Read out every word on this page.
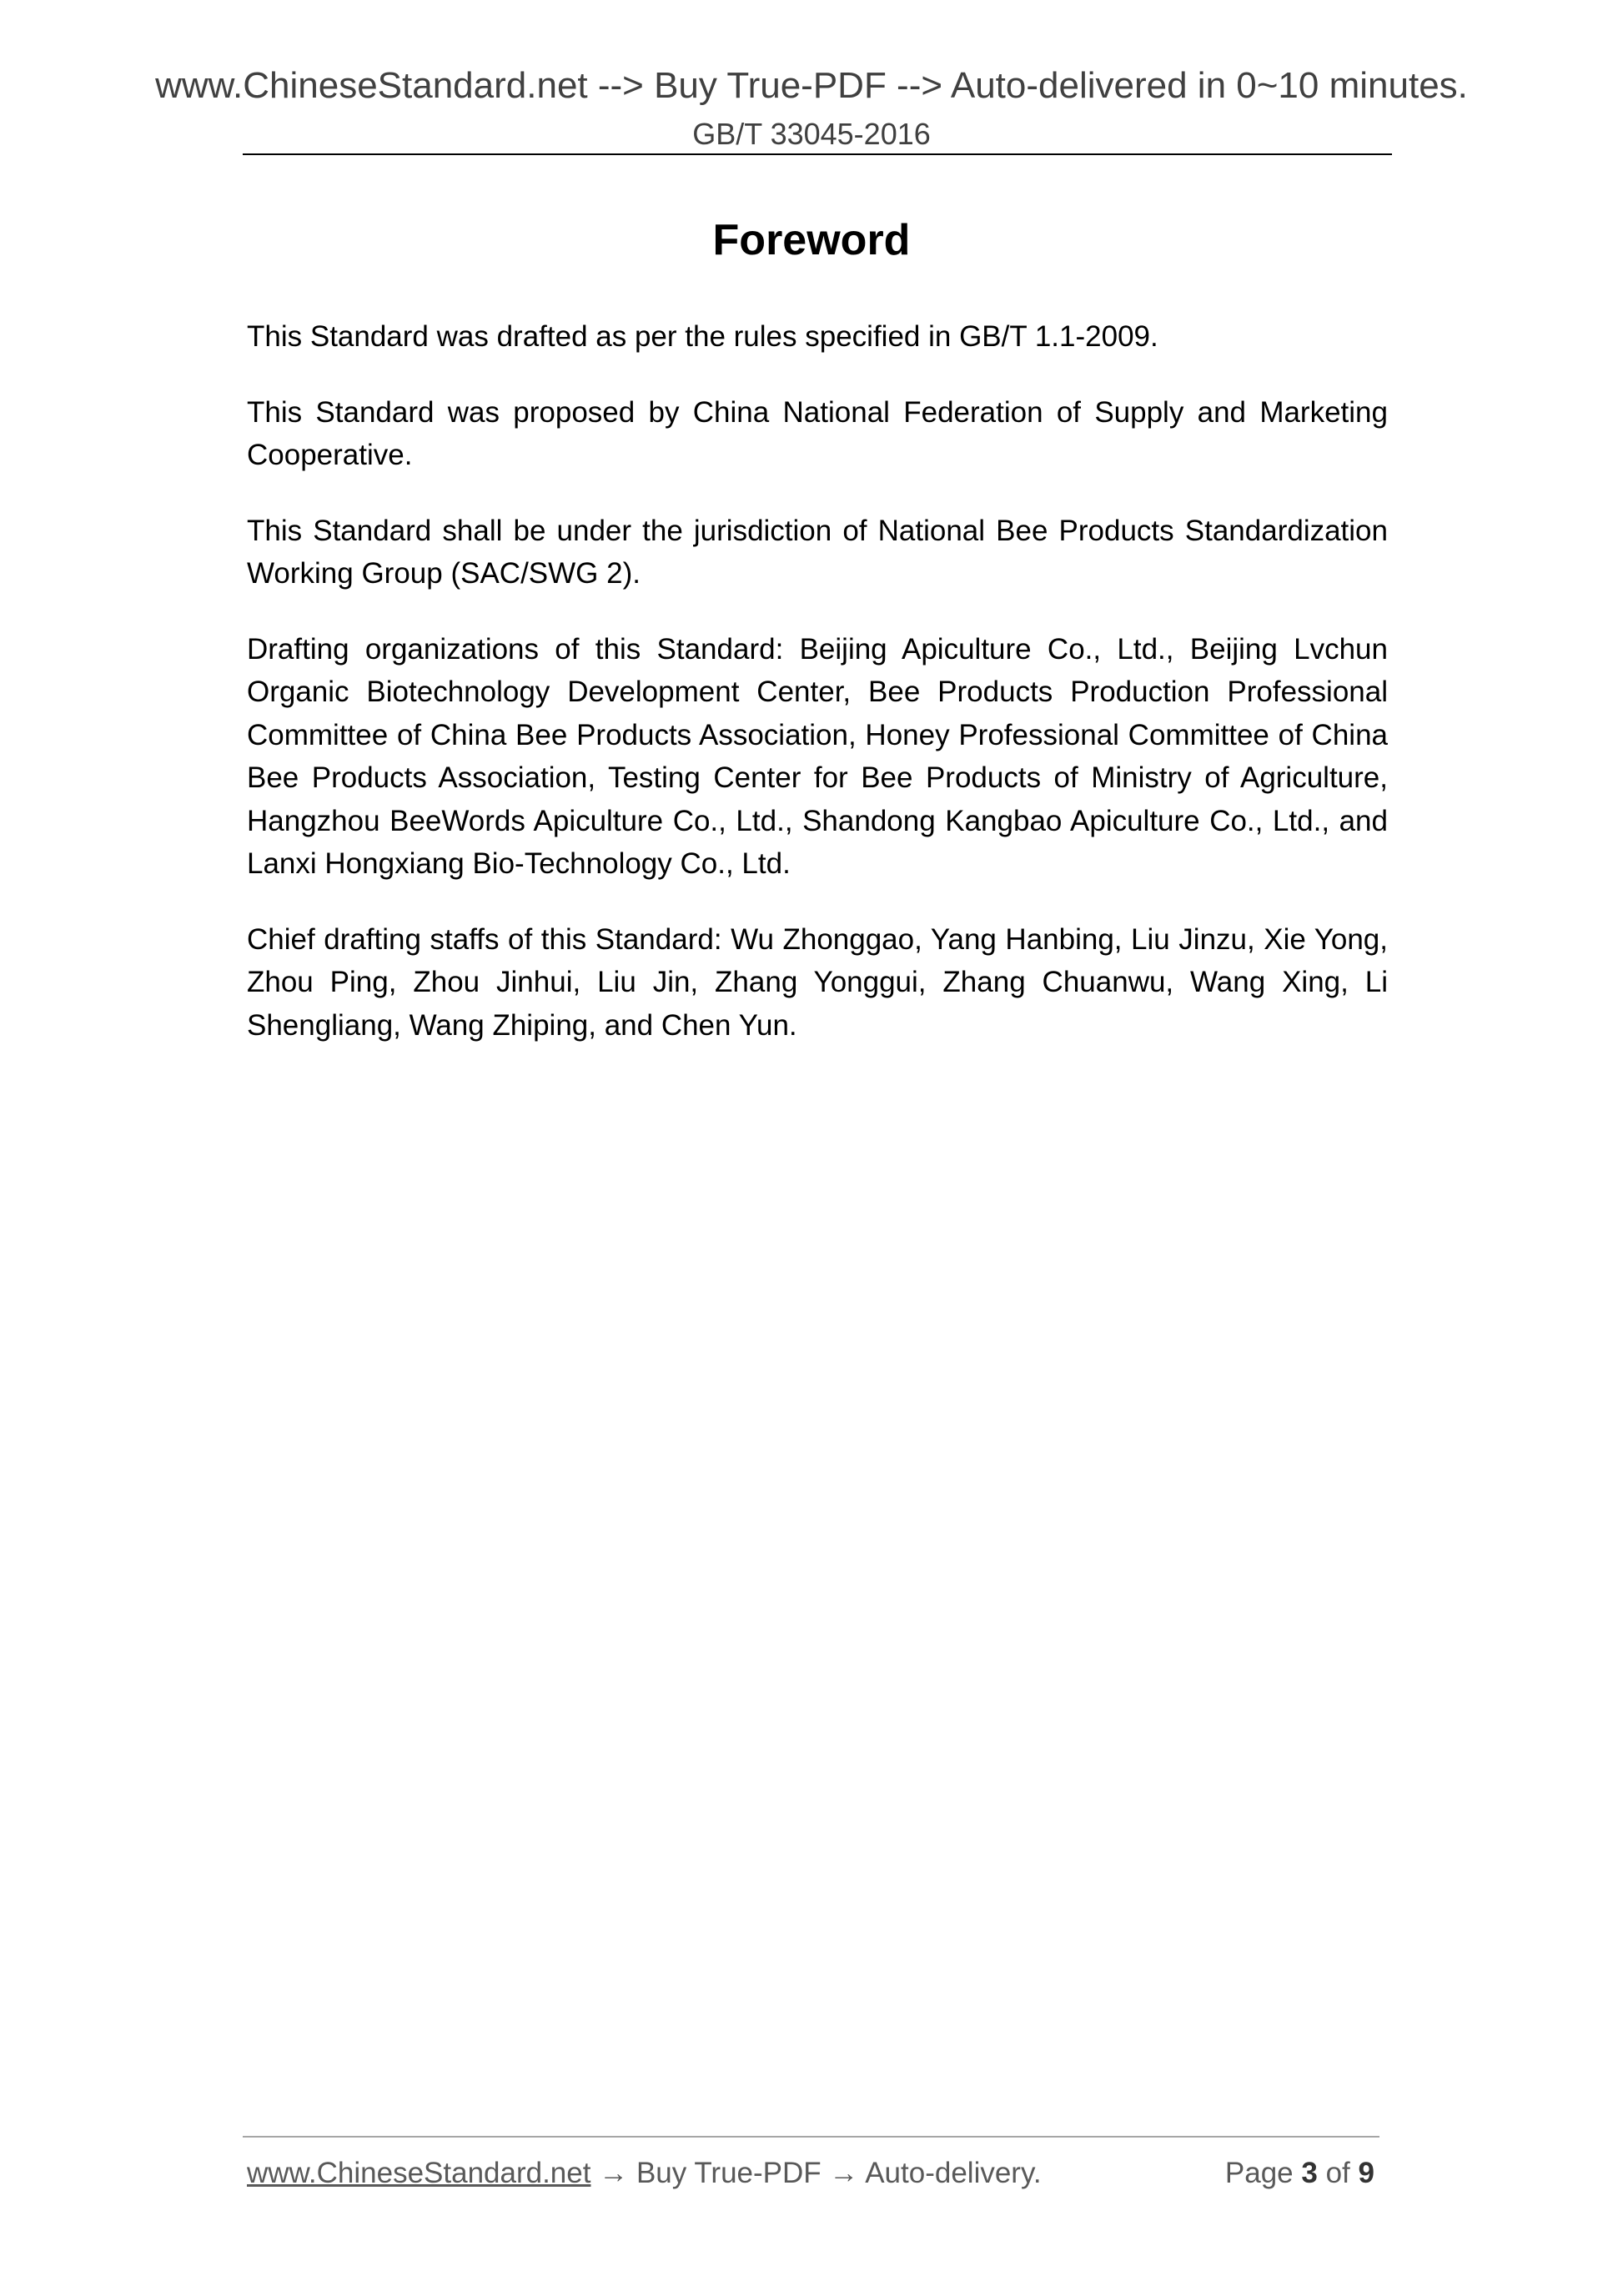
www.ChineseStandard.net --> Buy True-PDF --> Auto-delivered in 0~10 minutes.
GB/T 33045-2016
Foreword

This Standard was drafted as per the rules specified in GB/T 1.1-2009.

This Standard was proposed by China National Federation of Supply and Marketing Cooperative.

This Standard shall be under the jurisdiction of National Bee Products Standardization Working Group (SAC/SWG 2).

Drafting organizations of this Standard: Beijing Apiculture Co., Ltd., Beijing Lvchun Organic Biotechnology Development Center, Bee Products Production Professional Committee of China Bee Products Association, Honey Professional Committee of China Bee Products Association, Testing Center for Bee Products of Ministry of Agriculture, Hangzhou BeeWords Apiculture Co., Ltd., Shandong Kangbao Apiculture Co., Ltd., and Lanxi Hongxiang Bio-Technology Co., Ltd.

Chief drafting staffs of this Standard: Wu Zhonggao, Yang Hanbing, Liu Jinzu, Xie Yong, Zhou Ping, Zhou Jinhui, Liu Jin, Zhang Yonggui, Zhang Chuanwu, Wang Xing, Li Shengliang, Wang Zhiping, and Chen Yun.

www.ChineseStandard.net → Buy True-PDF → Auto-delivery.	Page 3 of 9
